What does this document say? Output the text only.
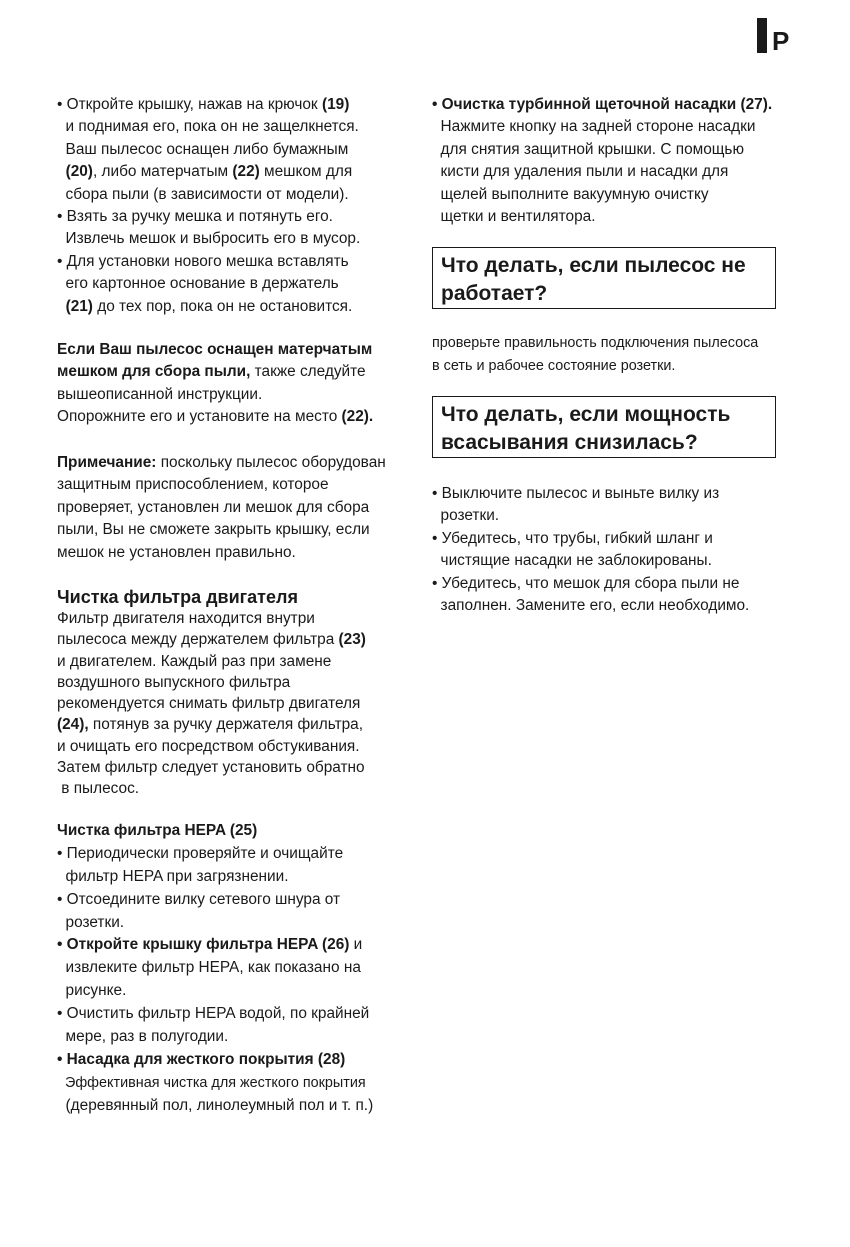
P
• Откройте крышку, нажав на крючок (19)
и поднимая его, пока он не защелкнется.
Ваш пылесос оснащен либо бумажным
(20), либо матерчатым (22) мешком для
сбора пыли (в зависимости от модели).
• Взять за ручку мешка и потянуть его.
Извлечь мешок и выбросить его в мусор.
• Для установки нового мешка вставлять
его картонное основание в держатель
(21) до тех пор, пока он не остановится.
Если Ваш пылесос оснащен матерчатым
мешком для сбора пыли, также следуйте
вышеописанной инструкции.
Опорожните его и установите на место (22).
Примечание: поскольку пылесос оборудован
защитным приспособлением, которое
проверяет, установлен ли мешок для сбора
пыли, Вы не сможете закрыть крышку, если
мешок не установлен правильно.
Чистка фильтра двигателя
Фильтр двигателя находится внутри
пылесоса между держателем фильтра (23)
и двигателем. Каждый раз при замене
воздушного выпускного фильтра
рекомендуется снимать фильтр двигателя
(24), потянув за ручку держателя фильтра,
и очищать его посредством обстукивания.
Затем фильтр следует установить обратно
в пылесос.
Чистка фильтра HEPA (25)
• Периодически проверяйте и очищайте
фильтр HEPA при загрязнении.
• Отсоедините вилку сетевого шнура от
розетки.
• Откройте крышку фильтра HEPA (26) и
извлеките фильтр HEPA, как показано на
рисунке.
• Очистить фильтр HEPA водой, по крайней
мере, раз в полугодии.
• Насадка для жесткого покрытия (28)
Эффективная чистка для жесткого покрытия
(деревянный пол, линолеумный пол и т. п.)
• Очистка турбинной щеточной насадки (27).
Нажмите кнопку на задней стороне насадки
для снятия защитной крышки. С помощью
кисти для удаления пыли и насадки для
щелей выполните вакуумную очистку
щетки и вентилятора.
Что делать, если пылесос не
работает?
проверьте правильность подключения пылесоса
в сеть и рабочее состояние розетки.
Что делать, если мощность
всасывания снизилась?
• Выключите пылесос и выньте вилку из
розетки.
• Убедитесь, что трубы, гибкий шланг и
чистящие насадки не заблокированы.
• Убедитесь, что мешок для сбора пыли не
заполнен. Замените его, если необходимо.
